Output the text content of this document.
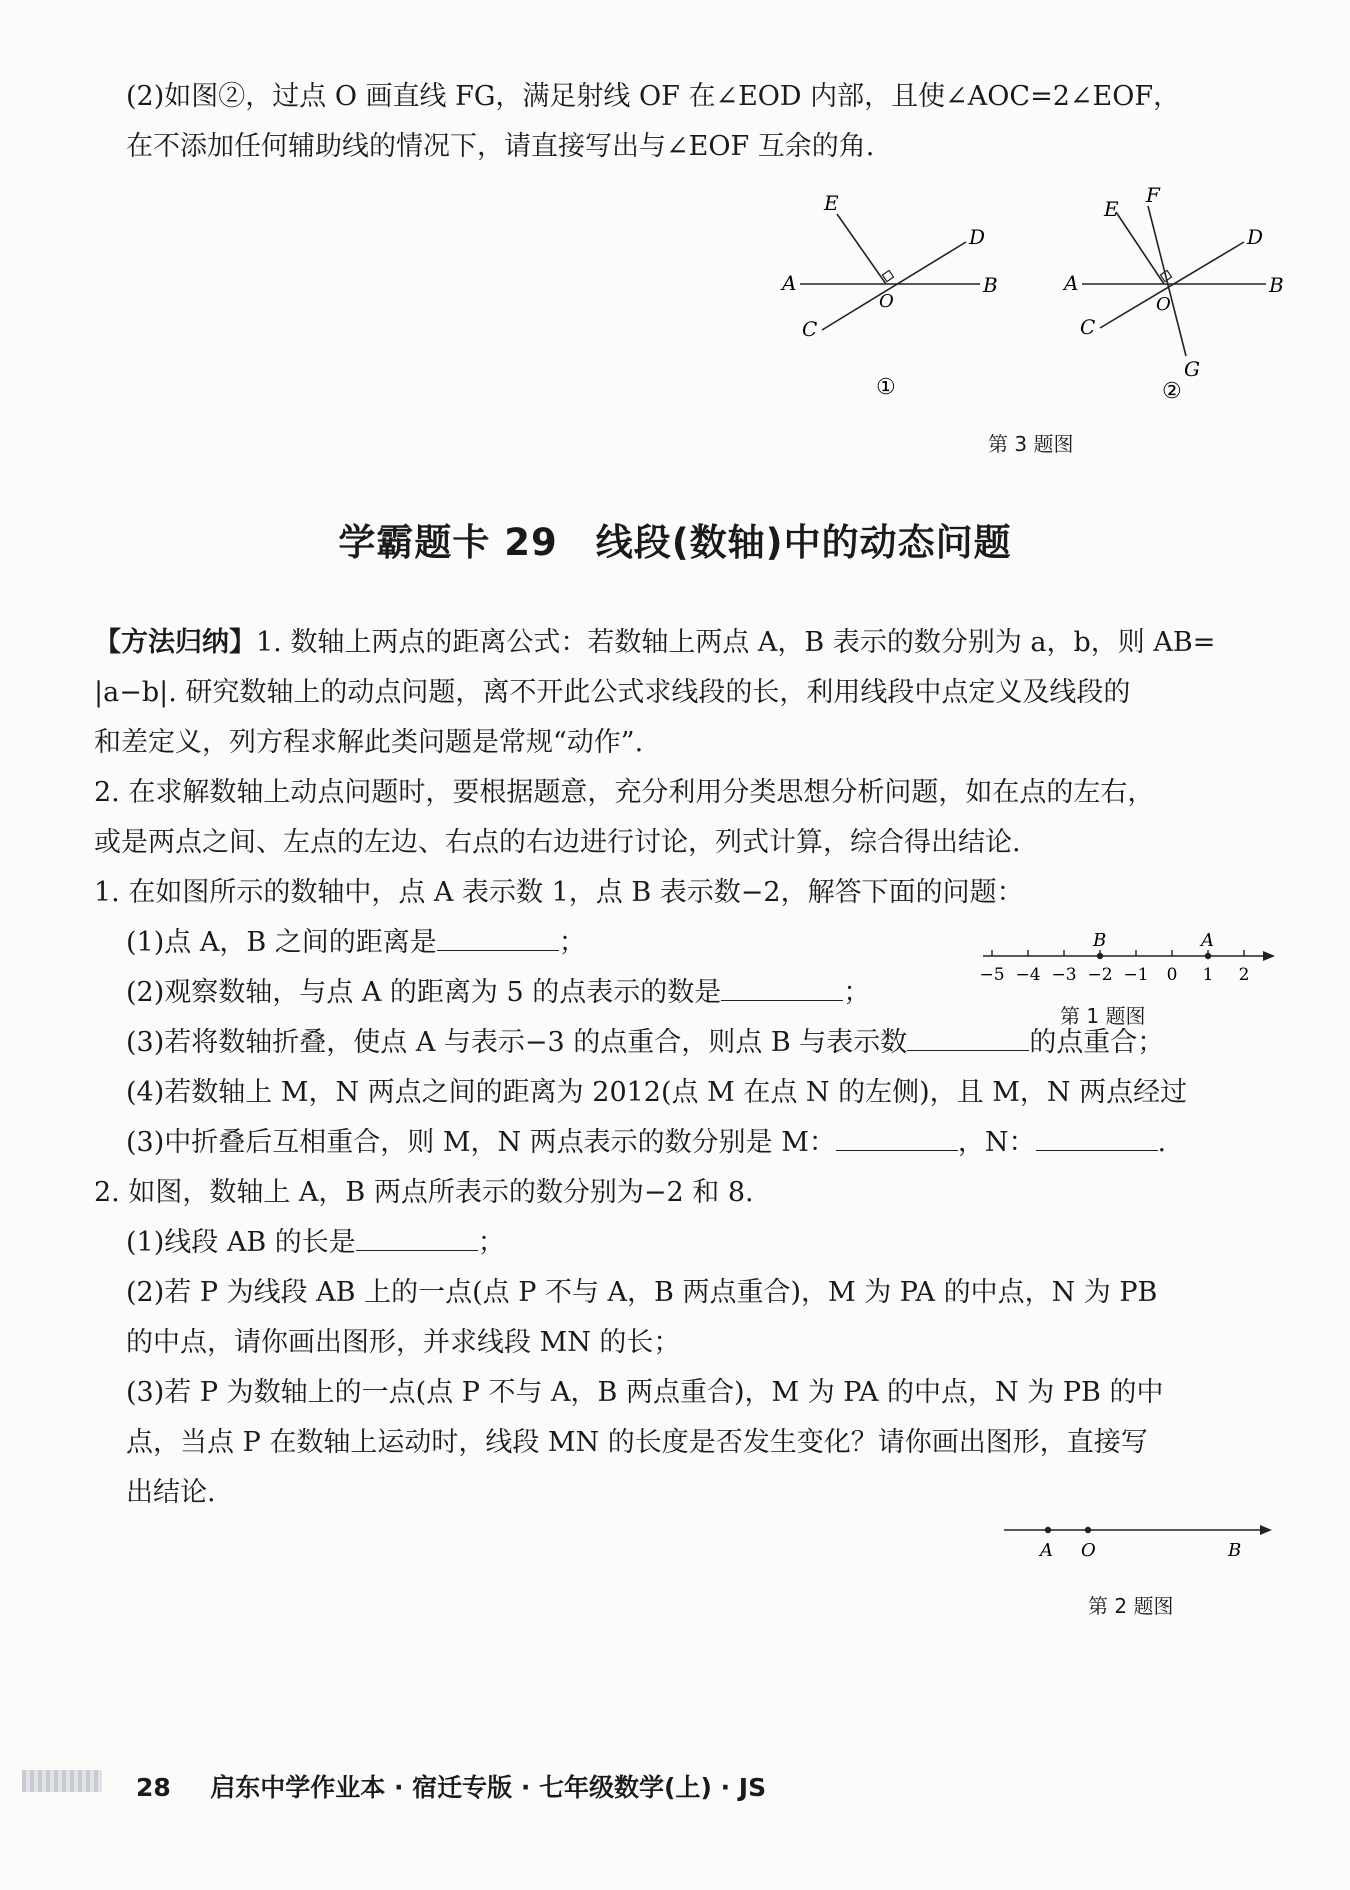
(2)如图②，过点 O 画直线 FG，满足射线 OF 在∠EOD 内部，且使∠AOC=2∠EOF，
在不添加任何辅助线的情况下，请直接写出与∠EOF 互余的角.
A	B
C
D
E
O
①
A	B
C
D
E
F
G
O
②
第 3 题图
学霸题卡 29　线段(数轴)中的动态问题
【方法归纳】1. 数轴上两点的距离公式：若数轴上两点 A，B 表示的数分别为 a，b，则 AB=
|a−b|. 研究数轴上的动点问题，离不开此公式求线段的长，利用线段中点定义及线段的
和差定义，列方程求解此类问题是常规“动作”.
2. 在求解数轴上动点问题时，要根据题意，充分利用分类思想分析问题，如在点的左右，
或是两点之间、左点的左边、右点的右边进行讨论，列式计算，综合得出结论.
1. 在如图所示的数轴中，点 A 表示数 1，点 B 表示数−2，解答下面的问题：
(1)点 A，B 之间的距离是	；
(2)观察数轴，与点 A 的距离为 5 的点表示的数是	；
−5 −4 −3 −2 −1 0 1 2
B	A
第 1 题图
(3)若将数轴折叠，使点 A 与表示−3 的点重合，则点 B 与表示数	的点重合；
(4)若数轴上 M，N 两点之间的距离为 2012(点 M 在点 N 的左侧)，且 M，N 两点经过
(3)中折叠后互相重合，则 M，N 两点表示的数分别是 M：	，N：	.
2. 如图，数轴上 A，B 两点所表示的数分别为−2 和 8.
(1)线段 AB 的长是	；
(2)若 P 为线段 AB 上的一点(点 P 不与 A，B 两点重合)，M 为 PA 的中点，N 为 PB
的中点，请你画出图形，并求线段 MN 的长；
(3)若 P 为数轴上的一点(点 P 不与 A，B 两点重合)，M 为 PA 的中点，N 为 PB 的中
点，当点 P 在数轴上运动时，线段 MN 的长度是否发生变化？请你画出图形，直接写
出结论.
A O	B
第 2 题图
28 启东中学作业本 · 宿迁专版 · 七年级数学(上) · JS
